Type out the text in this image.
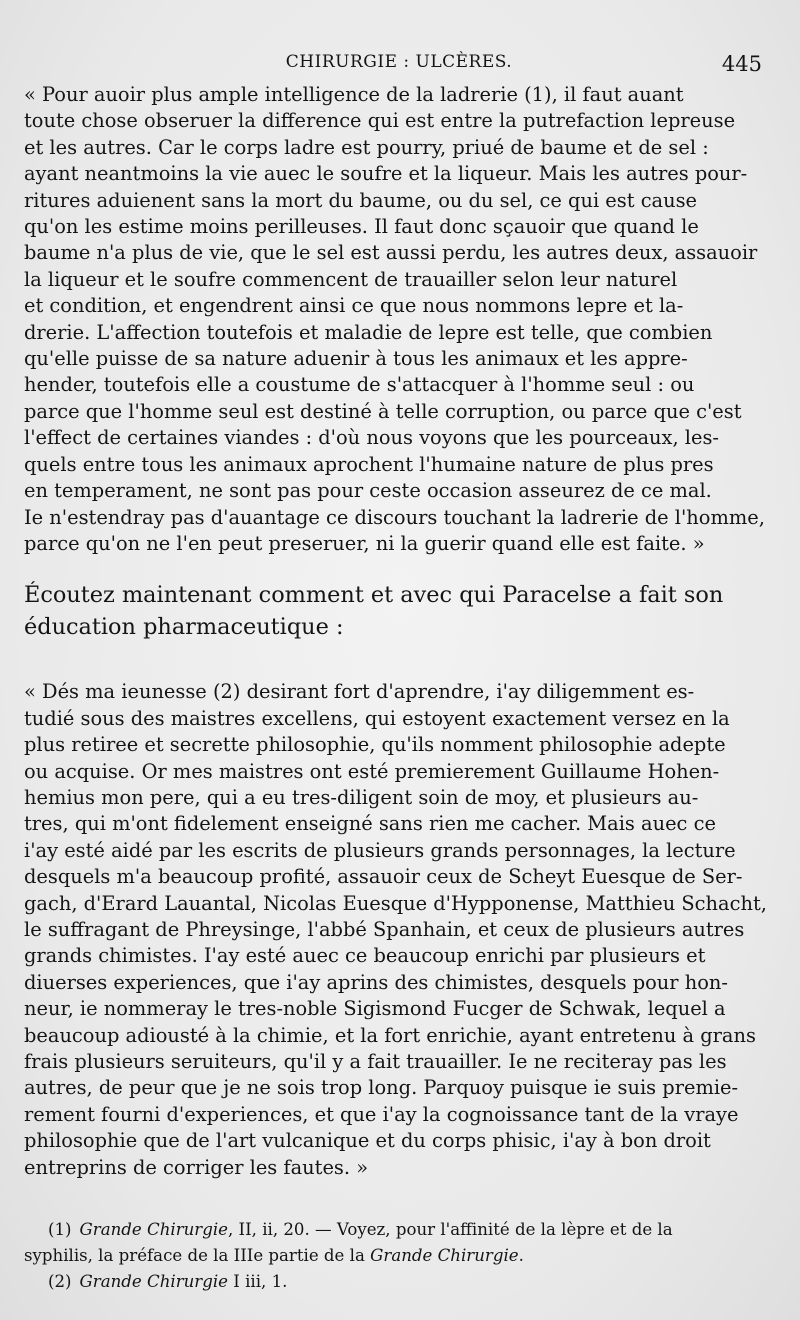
CHIRURGIE : ULCÈRES.	445
« Pour auoir plus ample intelligence de la ladrerie (1), il faut auant
toute chose obseruer la difference qui est entre la putrefaction lepreuse
et les autres. Car le corps ladre est pourry, priué de baume et de sel :
ayant neantmoins la vie auec le soufre et la liqueur. Mais les autres pour-
ritures aduienent sans la mort du baume, ou du sel, ce qui est cause
qu'on les estime moins perilleuses. Il faut donc sçauoir que quand le
baume n'a plus de vie, que le sel est aussi perdu, les autres deux, assauoir
la liqueur et le soufre commencent de trauailler selon leur naturel
et condition, et engendrent ainsi ce que nous nommons lepre et la-
drerie. L'affection toutefois et maladie de lepre est telle, que combien
qu'elle puisse de sa nature aduenir à tous les animaux et les appre-
hender, toutefois elle a coustume de s'attacquer à l'homme seul : ou
parce que l'homme seul est destiné à telle corruption, ou parce que c'est
l'effect de certaines viandes : d'où nous voyons que les pourceaux, les-
quels entre tous les animaux aprochent l'humaine nature de plus pres
en temperament, ne sont pas pour ceste occasion asseurez de ce mal.
Ie n'estendray pas d'auantage ce discours touchant la ladrerie de l'homme,
parce qu'on ne l'en peut preseruer, ni la guerir quand elle est faite. »
Écoutez maintenant comment et avec qui Paracelse a fait son
éducation pharmaceutique :
« Dés ma ieunesse (2) desirant fort d'aprendre, i'ay diligemment es-
tudié sous des maistres excellens, qui estoyent exactement versez en la
plus retiree et secrette philosophie, qu'ils nomment philosophie adepte
ou acquise. Or mes maistres ont esté premierement Guillaume Hohen-
hemius mon pere, qui a eu tres-diligent soin de moy, et plusieurs au-
tres, qui m'ont fidelement enseigné sans rien me cacher. Mais auec ce
i'ay esté aidé par les escrits de plusieurs grands personnages, la lecture
desquels m'a beaucoup profité, assauoir ceux de Scheyt Euesque de Ser-
gach, d'Erard Lauantal, Nicolas Euesque d'Hypponense, Matthieu Schacht,
le suffragant de Phreysinge, l'abbé Spanhain, et ceux de plusieurs autres
grands chimistes. I'ay esté auec ce beaucoup enrichi par plusieurs et
diuerses experiences, que i'ay aprins des chimistes, desquels pour hon-
neur, ie nommeray le tres-noble Sigismond Fucger de Schwak, lequel a
beaucoup adiousté à la chimie, et la fort enrichie, ayant entretenu à grans
frais plusieurs seruiteurs, qu'il y a fait trauailler. Ie ne reciteray pas les
autres, de peur que je ne sois trop long. Parquoy puisque ie suis premie-
rement fourni d'experiences, et que i'ay la cognoissance tant de la vraye
philosophie que de l'art vulcanique et du corps phisic, i'ay à bon droit
entreprins de corriger les fautes. »
(1) Grande Chirurgie, II, ii, 20. — Voyez, pour l'affinité de la lèpre et de la
syphilis, la préface de la IIIe partie de la Grande Chirurgie.
(2) Grande Chirurgie I iii, 1.
